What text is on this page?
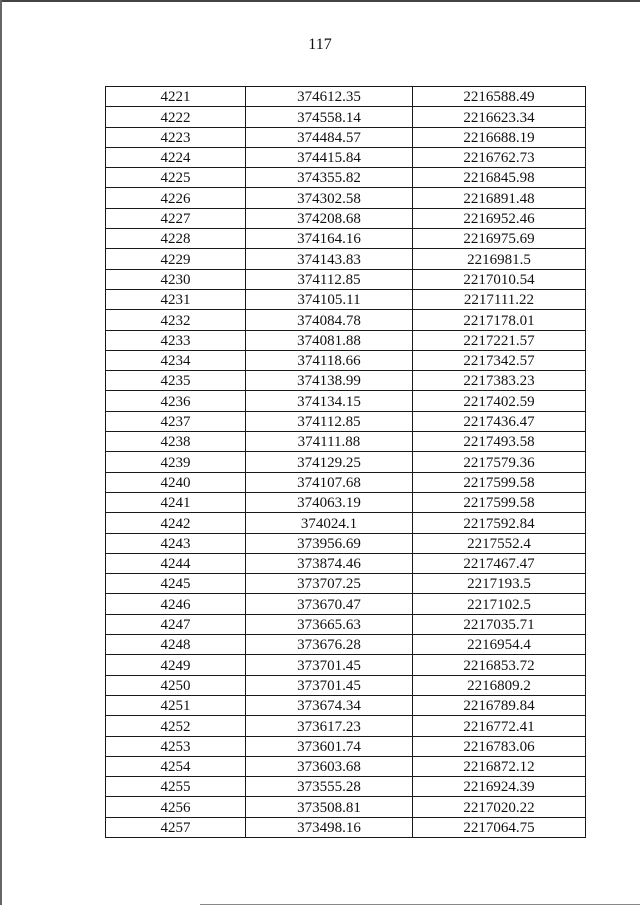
117
4221	374612.35	2216588.49
4222	374558.14	2216623.34
4223	374484.57	2216688.19
4224	374415.84	2216762.73
4225	374355.82	2216845.98
4226	374302.58	2216891.48
4227	374208.68	2216952.46
4228	374164.16	2216975.69
4229	374143.83	2216981.5
4230	374112.85	2217010.54
4231	374105.11	2217111.22
4232	374084.78	2217178.01
4233	374081.88	2217221.57
4234	374118.66	2217342.57
4235	374138.99	2217383.23
4236	374134.15	2217402.59
4237	374112.85	2217436.47
4238	374111.88	2217493.58
4239	374129.25	2217579.36
4240	374107.68	2217599.58
4241	374063.19	2217599.58
4242	374024.1	2217592.84
4243	373956.69	2217552.4
4244	373874.46	2217467.47
4245	373707.25	2217193.5
4246	373670.47	2217102.5
4247	373665.63	2217035.71
4248	373676.28	2216954.4
4249	373701.45	2216853.72
4250	373701.45	2216809.2
4251	373674.34	2216789.84
4252	373617.23	2216772.41
4253	373601.74	2216783.06
4254	373603.68	2216872.12
4255	373555.28	2216924.39
4256	373508.81	2217020.22
4257	373498.16	2217064.75
